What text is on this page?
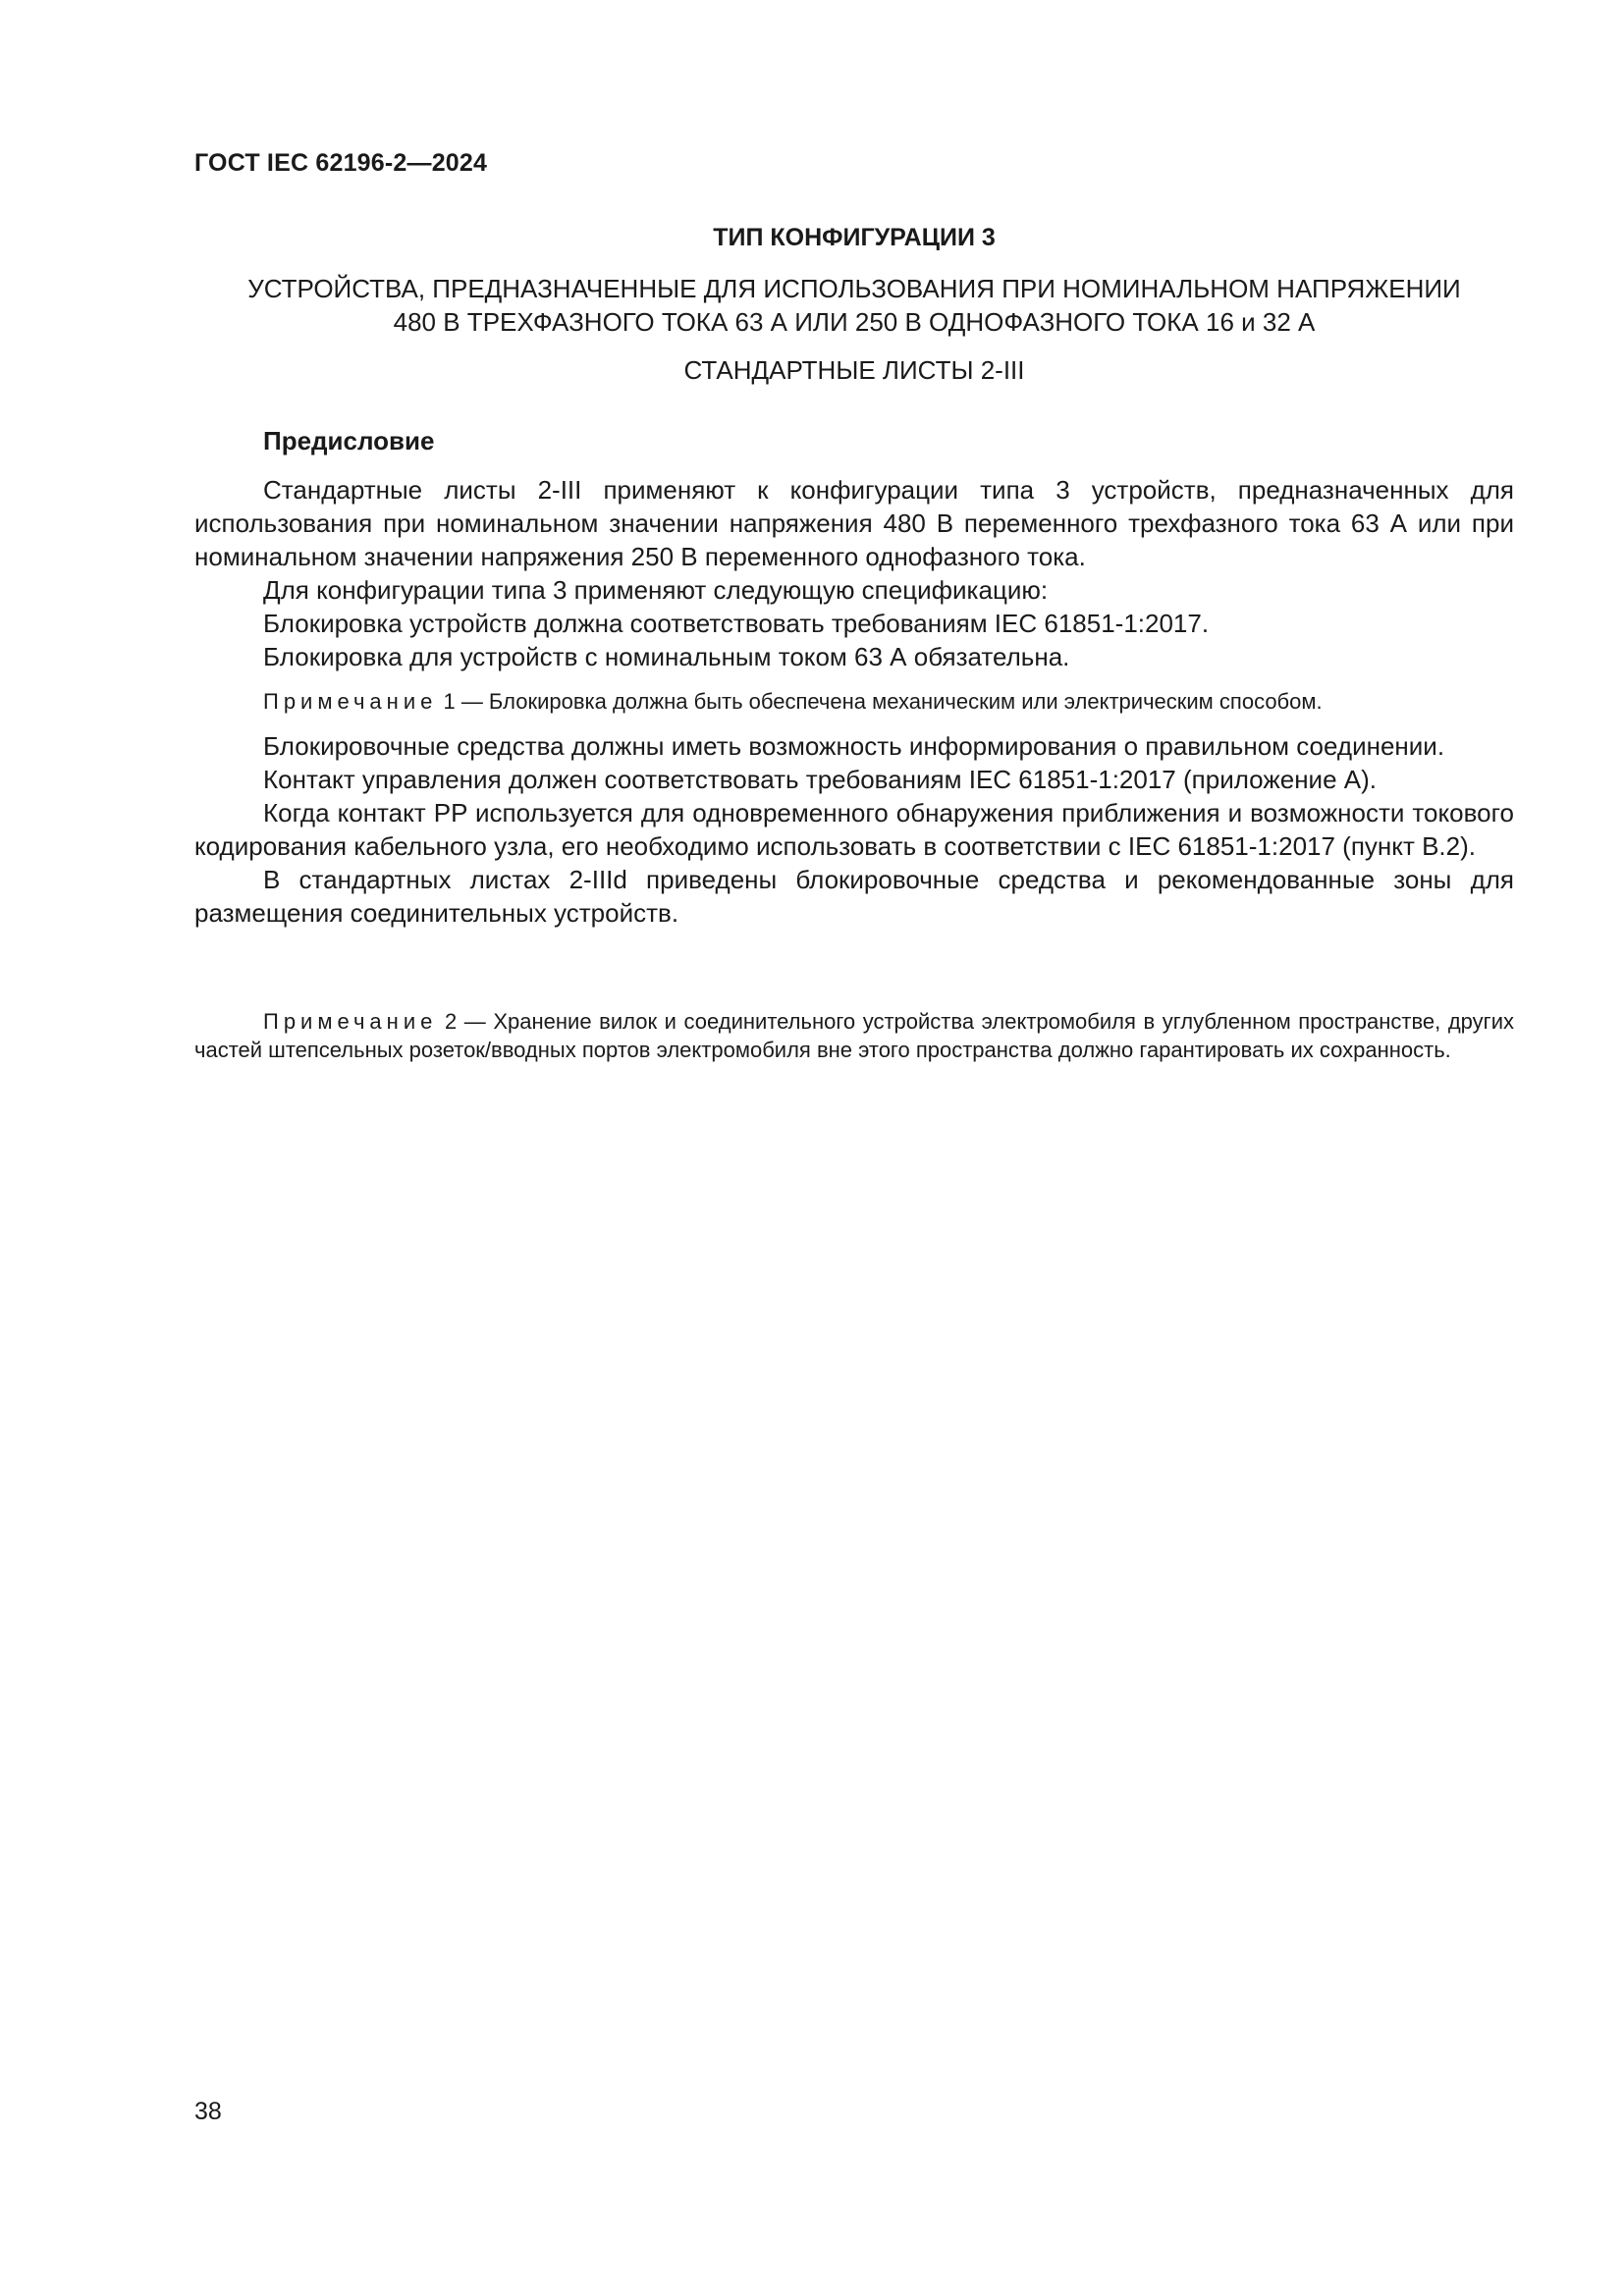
ГОСТ IEC 62196-2—2024
ТИП КОНФИГУРАЦИИ 3
УСТРОЙСТВА, ПРЕДНАЗНАЧЕННЫЕ ДЛЯ ИСПОЛЬЗОВАНИЯ ПРИ НОМИНАЛЬНОМ НАПРЯЖЕНИИ
480 В ТРЕХФАЗНОГО ТОКА 63 А ИЛИ 250 В ОДНОФАЗНОГО ТОКА 16 и 32 А
СТАНДАРТНЫЕ ЛИСТЫ 2-III
Предисловие

Стандартные листы 2-III применяют к конфигурации типа 3 устройств, предназначенных для использования при номинальном значении напряжения 480 В переменного трехфазного тока 63 А или при номинальном значении напряжения 250 В переменного однофазного тока.

Для конфигурации типа 3 применяют следующую спецификацию:

Блокировка устройств должна соответствовать требованиям IEC 61851-1:2017.

Блокировка для устройств с номинальным током 63 А обязательна.

Примечание 1 — Блокировка должна быть обеспечена механическим или электрическим способом.

Блокировочные средства должны иметь возможность информирования о правильном соединении.

Контакт управления должен соответствовать требованиям IEC 61851-1:2017 (приложение А).

Когда контакт PP используется для одновременного обнаружения приближения и возможности токового кодирования кабельного узла, его необходимо использовать в соответствии с IEC 61851-1:2017 (пункт В.2).

В стандартных листах 2-IIId приведены блокировочные средства и рекомендованные зоны для размещения соединительных устройств.

Примечание 2 — Хранение вилок и соединительного устройства электромобиля в углубленном пространстве, других частей штепсельных розеток/вводных портов электромобиля вне этого пространства должно гарантировать их сохранность.

38
